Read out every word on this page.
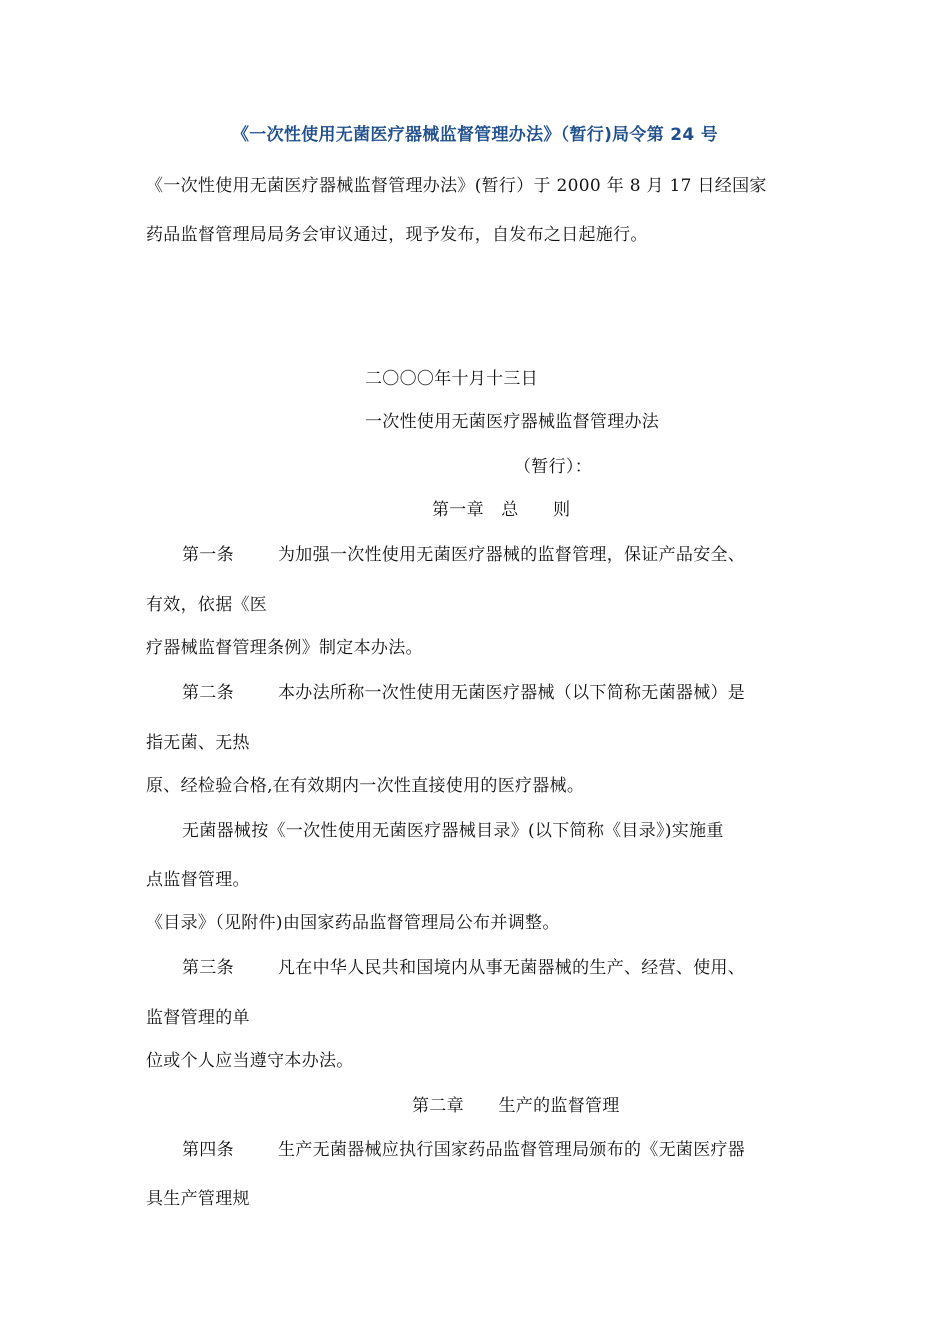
《一次性使用无菌医疗器械监督管理办法》（暂行)局令第 24 号
《一次性使用无菌医疗器械监督管理办法》(暂行）于 2000 年 8 月 17 日经国家
药品监督管理局局务会审议通过，现予发布，自发布之日起施行。
二〇〇〇年十月十三日
一次性使用无菌医疗器械监督管理办法
（暂行）：
第一章　总　　则
第一条	为加强一次性使用无菌医疗器械的监督管理，保证产品安全、
有效，依据《医
疗器械监督管理条例》制定本办法。
第二条	本办法所称一次性使用无菌医疗器械（以下简称无菌器械）是
指无菌、无热
原、经检验合格,在有效期内一次性直接使用的医疗器械。
无菌器械按《一次性使用无菌医疗器械目录》(以下简称《目录》)实施重
点监督管理。
《目录》（见附件)由国家药品监督管理局公布并调整。
第三条	凡在中华人民共和国境内从事无菌器械的生产、经营、使用、
监督管理的单
位或个人应当遵守本办法。
第二章　　生产的监督管理
第四条	生产无菌器械应执行国家药品监督管理局颁布的《无菌医疗器
具生产管理规
